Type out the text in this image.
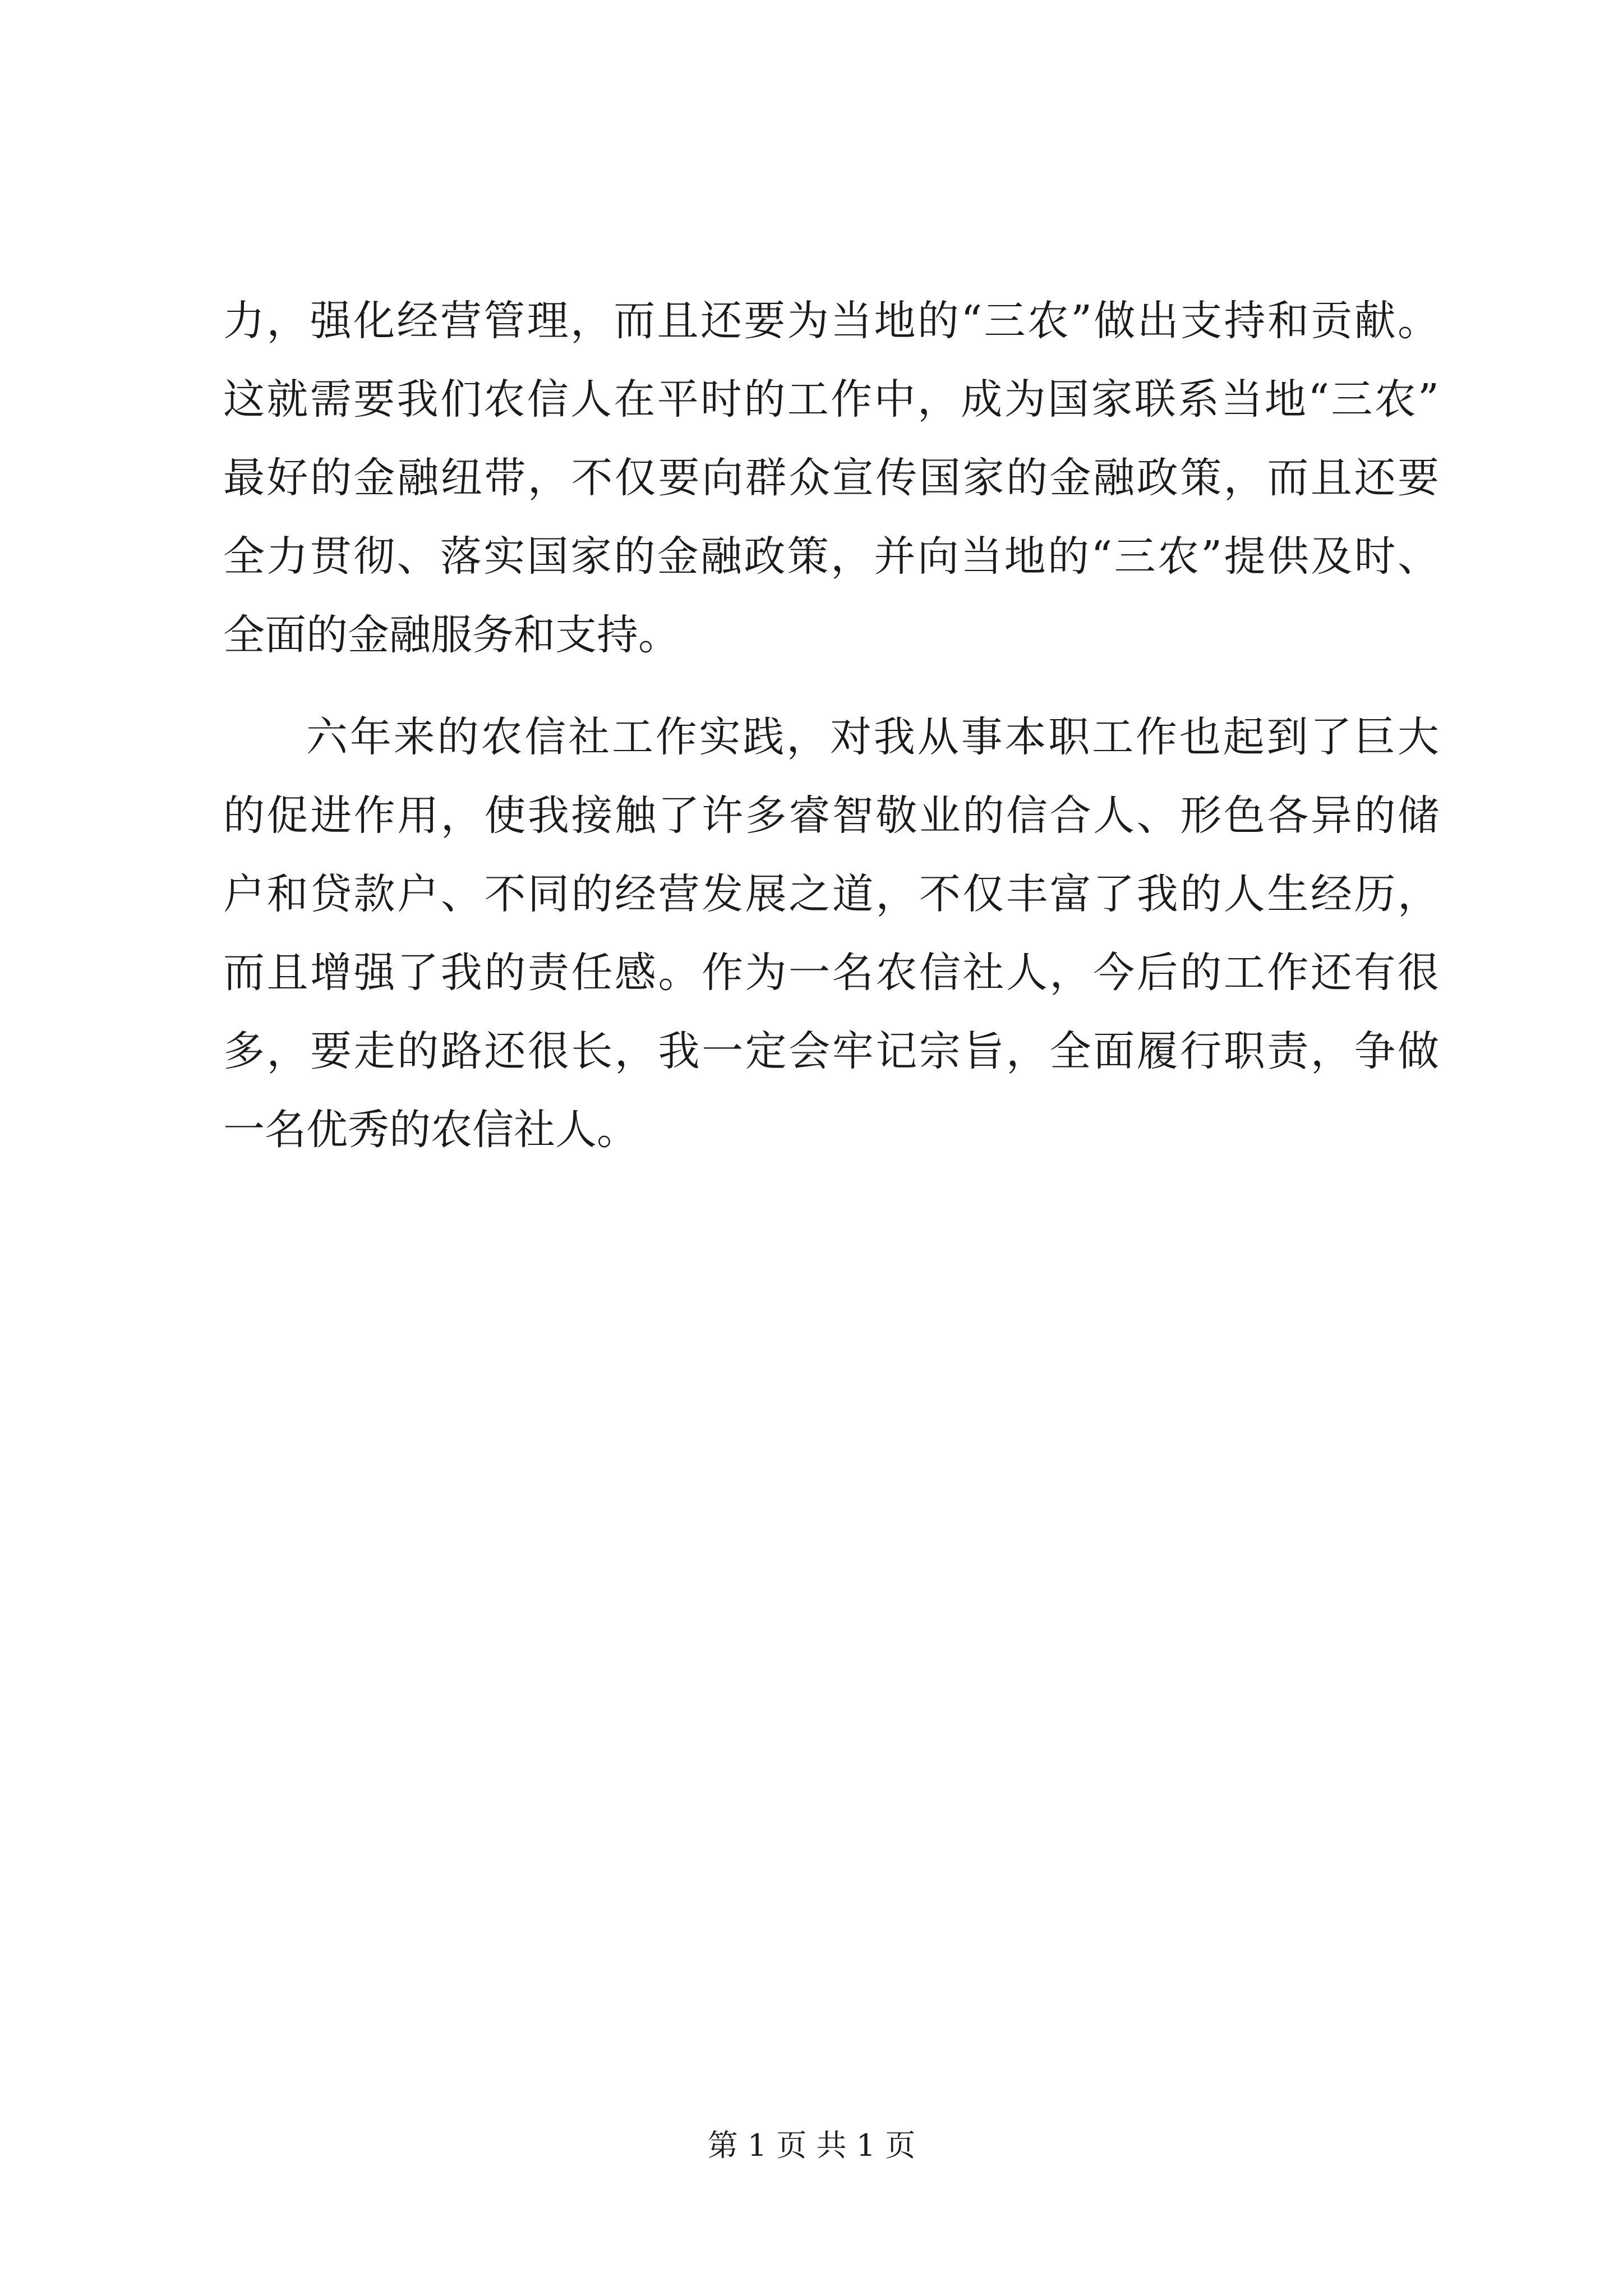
力，强化经营管理，而且还要为当地的“三农”做出支持和贡献。
这就需要我们农信人在平时的工作中，成为国家联系当地“三农”
最好的金融纽带，不仅要向群众宣传国家的金融政策，而且还要
全力贯彻、落实国家的金融政策，并向当地的“三农”提供及时、
全面的金融服务和支持。
六年来的农信社工作实践，对我从事本职工作也起到了巨大
的促进作用，使我接触了许多睿智敬业的信合人、形色各异的储
户和贷款户、不同的经营发展之道，不仅丰富了我的人生经历，
而且增强了我的责任感。作为一名农信社人，今后的工作还有很
多，要走的路还很长，我一定会牢记宗旨，全面履行职责，争做
一名优秀的农信社人。
第 1 页 共 1 页
